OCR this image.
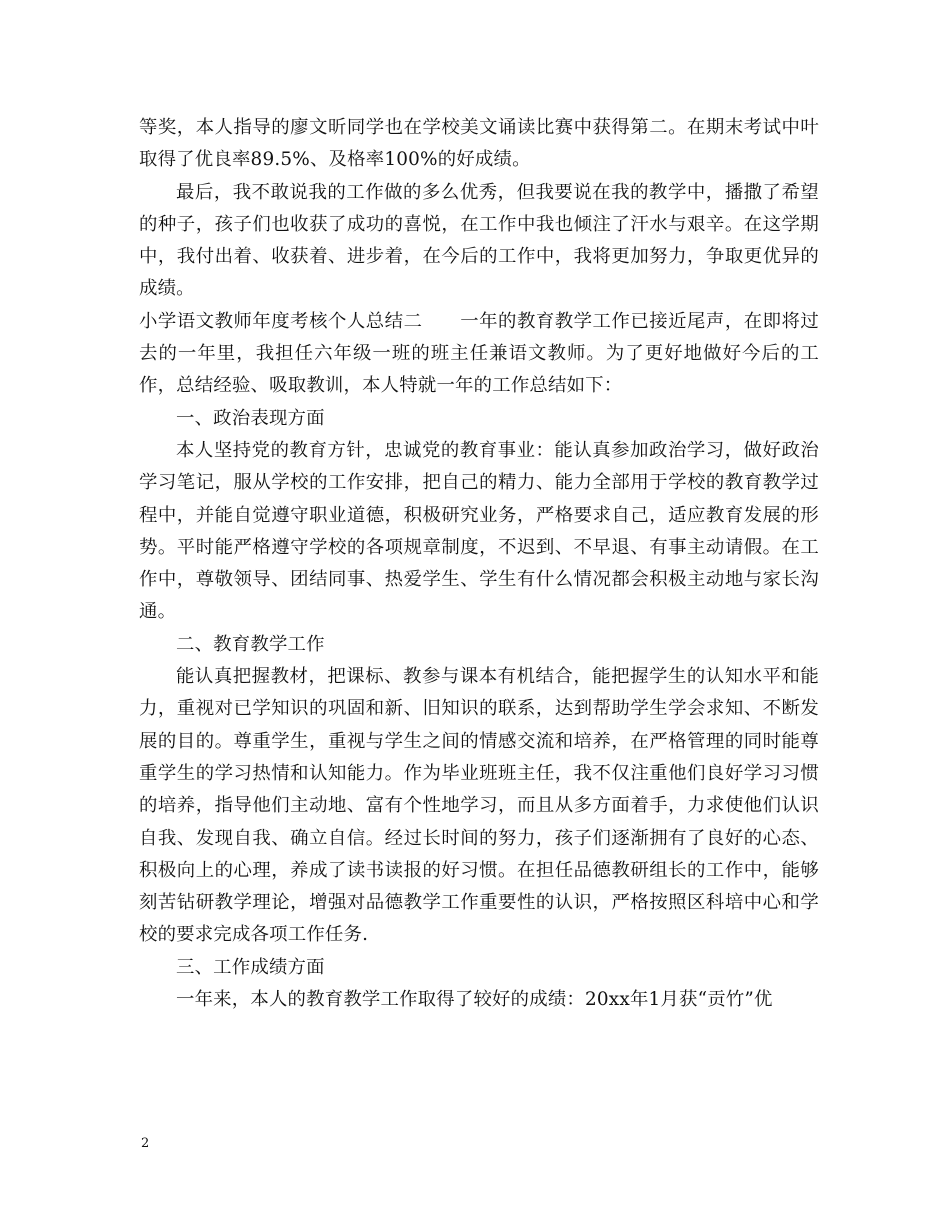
等奖，本人指导的廖文昕同学也在学校美文诵读比赛中获得第二。在期末考试中叶取得了优良率89.5%、及格率100%的好成绩。

最后，我不敢说我的工作做的多么优秀，但我要说在我的教学中，播撒了希望的种子，孩子们也收获了成功的喜悦，在工作中我也倾注了汗水与艰辛。在这学期中，我付出着、收获着、进步着，在今后的工作中，我将更加努力，争取更优异的成绩。

小学语文教师年度考核个人总结二　　一年的教育教学工作已接近尾声，在即将过去的一年里，我担任六年级一班的班主任兼语文教师。为了更好地做好今后的工作，总结经验、吸取教训，本人特就一年的工作总结如下：

一、政治表现方面

本人坚持党的教育方针，忠诚党的教育事业：能认真参加政治学习，做好政治学习笔记，服从学校的工作安排，把自己的精力、能力全部用于学校的教育教学过程中，并能自觉遵守职业道德，积极研究业务，严格要求自己，适应教育发展的形势。平时能严格遵守学校的各项规章制度，不迟到、不早退、有事主动请假。在工作中，尊敬领导、团结同事、热爱学生、学生有什么情况都会积极主动地与家长沟通。

二、教育教学工作

能认真把握教材，把课标、教参与课本有机结合，能把握学生的认知水平和能力，重视对已学知识的巩固和新、旧知识的联系，达到帮助学生学会求知、不断发展的目的。尊重学生，重视与学生之间的情感交流和培养，在严格管理的同时能尊重学生的学习热情和认知能力。作为毕业班班主任，我不仅注重他们良好学习习惯的培养，指导他们主动地、富有个性地学习，而且从多方面着手，力求使他们认识自我、发现自我、确立自信。经过长时间的努力，孩子们逐渐拥有了良好的心态、积极向上的心理，养成了读书读报的好习惯。在担任品德教研组长的工作中，能够刻苦钻研教学理论，增强对品德教学工作重要性的认识，严格按照区科培中心和学校的要求完成各项工作任务.

三、工作成绩方面

一年来，本人的教育教学工作取得了较好的成绩：20xx年1月获“贡竹”优

2
